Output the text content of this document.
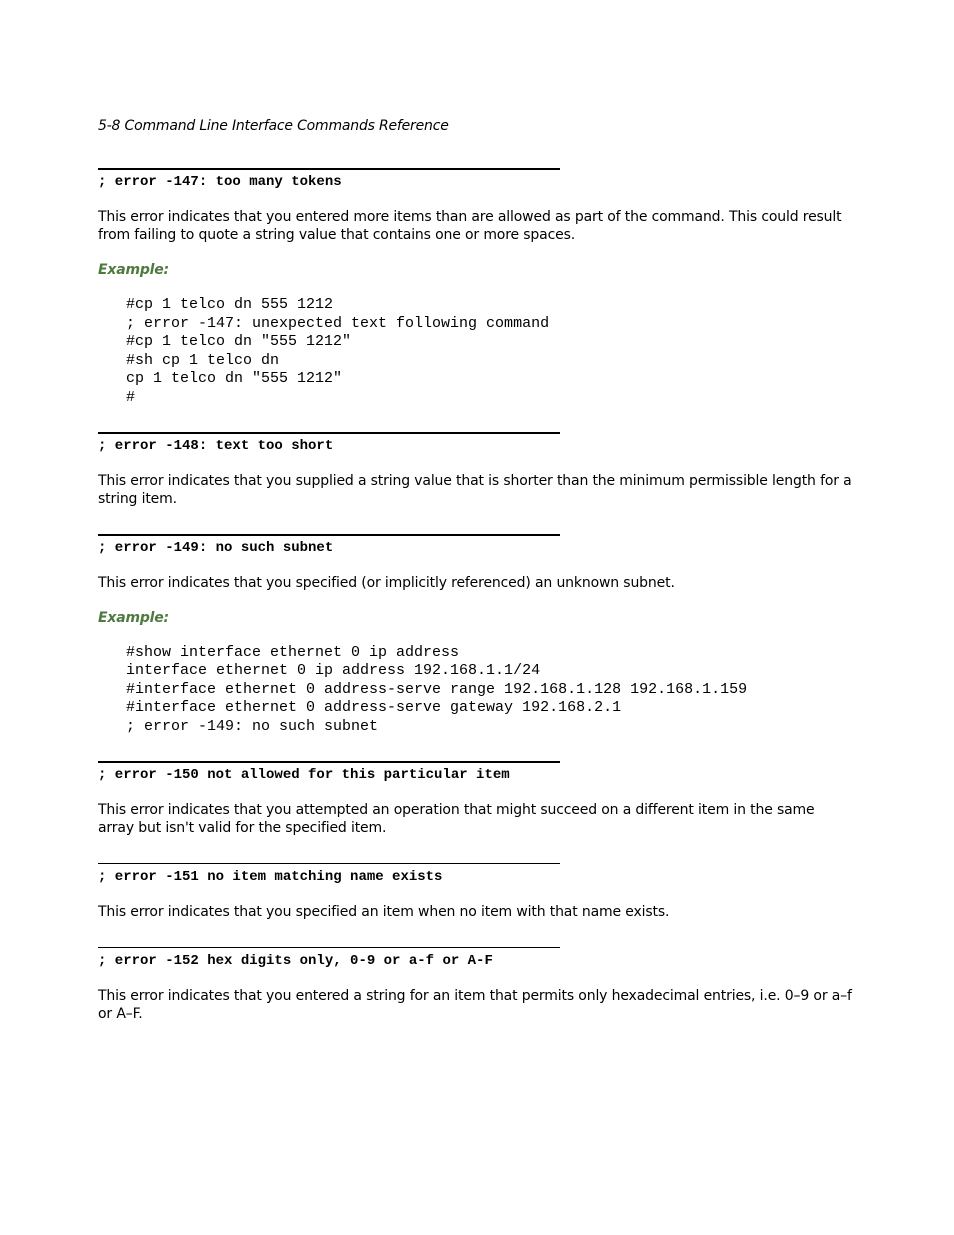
5-8 Command Line Interface Commands Reference
; error -147: too many tokens

This error indicates that you entered more items than are allowed as part of the command. This could result from failing to quote a string value that contains one or more spaces.

Example:
#cp 1 telco dn 555 1212
; error -147: unexpected text following command
#cp 1 telco dn "555 1212"
#sh cp 1 telco dn
cp 1 telco dn "555 1212"
#
; error -148: text too short

This error indicates that you supplied a string value that is shorter than the minimum permissible length for a string item.

; error -149: no such subnet

This error indicates that you specified (or implicitly referenced) an unknown subnet.

Example:
#show interface ethernet 0 ip address
interface ethernet 0 ip address 192.168.1.1/24
#interface ethernet 0 address-serve range 192.168.1.128 192.168.1.159
#interface ethernet 0 address-serve gateway 192.168.2.1
; error -149: no such subnet
; error -150 not allowed for this particular item

This error indicates that you attempted an operation that might succeed on a different item in the same array but isn't valid for the specified item.

; error -151 no item matching name exists

This error indicates that you specified an item when no item with that name exists.

; error -152 hex digits only, 0-9 or a-f or A-F

This error indicates that you entered a string for an item that permits only hexadecimal entries, i.e. 0–9 or a–f or A–F.
